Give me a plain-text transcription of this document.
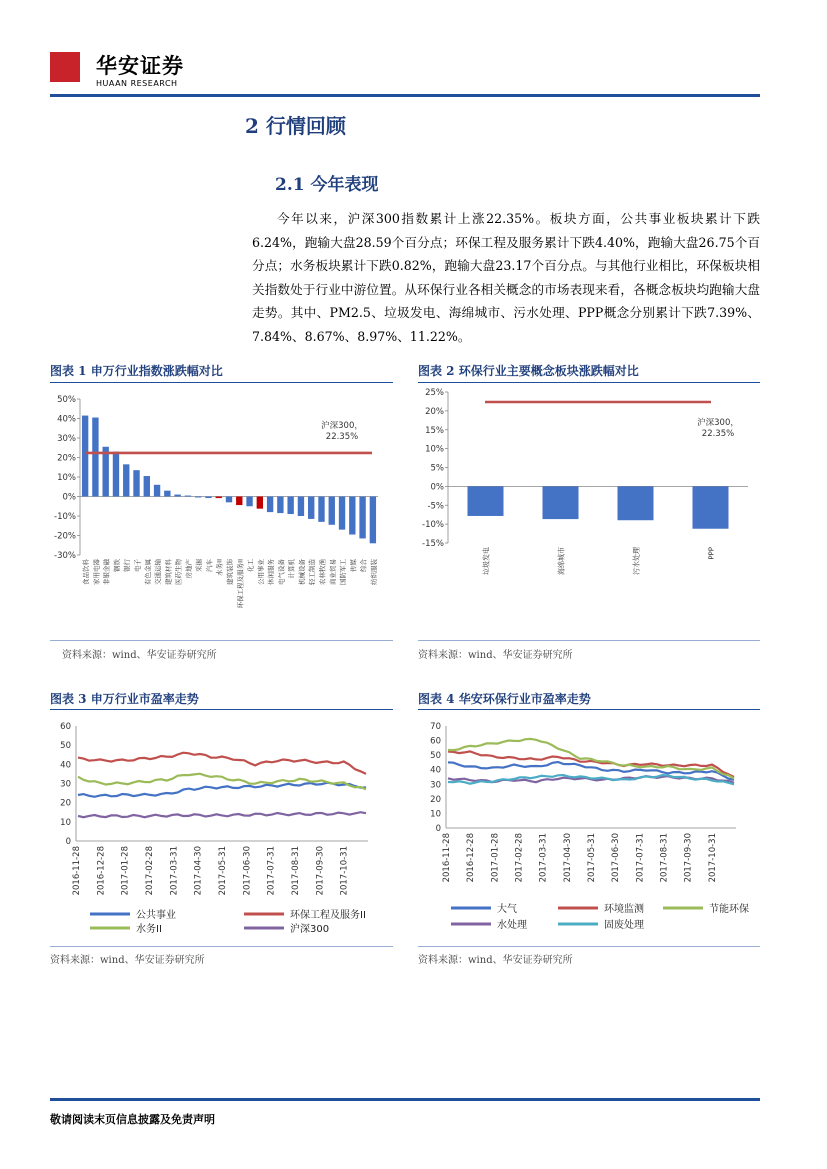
华安证券
HUAAN RESEARCH
2 行情回顾
2.1 今年表现
今年以来，沪深300指数累计上涨22.35%。板块方面，公共事业板块累计下跌6.24%，跑输大盘28.59个百分点；环保工程及服务累计下跌4.40%，跑输大盘26.75个百分点；水务板块累计下跌0.82%，跑输大盘23.17个百分点。与其他行业相比，环保板块相关指数处于行业中游位置。从环保行业各相关概念的市场表现来看，各概念板块均跑输大盘走势。其中、PM2.5、垃圾发电、海绵城市、污水处理、PPP概念分别累计下跌7.39%、7.84%、8.67%、8.97%、11.22%。
图表 1 申万行业指数涨跌幅对比
-30%
-20%
-10%
0%
10%
20%
30%
40%
50%
食品饮料 家用电器 非银金融 钢铁 银行 电子 有色金属 交通运输 建筑材料 医药生物 房地产 采掘 汽车 水务II 建筑装饰 环保工程及服务II 化工 公用事业 休闲服务 电气设备 计算机 机械设备 轻工制造 农林牧渔 商业贸易 国防军工 传媒 综合 纺织服装
沪深300，
22.35%
资料来源：wind、华安证券研究所
图表 2 环保行业主要概念板块涨跌幅对比
-15%
-10%
-5%
0%
5%
10%
15%
20%
25%
垃圾发电	海绵城市	污水处理	PPP
沪深300，
22.35%
资料来源：wind、华安证券研究所
图表 3 申万行业市盈率走势
0
10
20
30
40
50
60
2016-11-28 2016-12-28 2017-01-28 2017-02-28 2017-03-31 2017-04-30 2017-05-31 2017-06-30 2017-07-31 2017-08-31 2017-09-30 2017-10-31
公共事业	环保工程及服务II
水务II	沪深300
资料来源：wind、华安证券研究所
图表 4 华安环保行业市盈率走势
0
10
20
30
40
50
60
70
2016-11-28 2016-12-28 2017-01-28 2017-02-28 2017-03-31 2017-04-30 2017-05-31 2017-06-30 2017-07-31 2017-08-31 2017-09-30 2017-10-31
大气	环境监测	节能环保
水处理	固废处理
资料来源：wind、华安证券研究所
敬请阅读末页信息披露及免责声明
